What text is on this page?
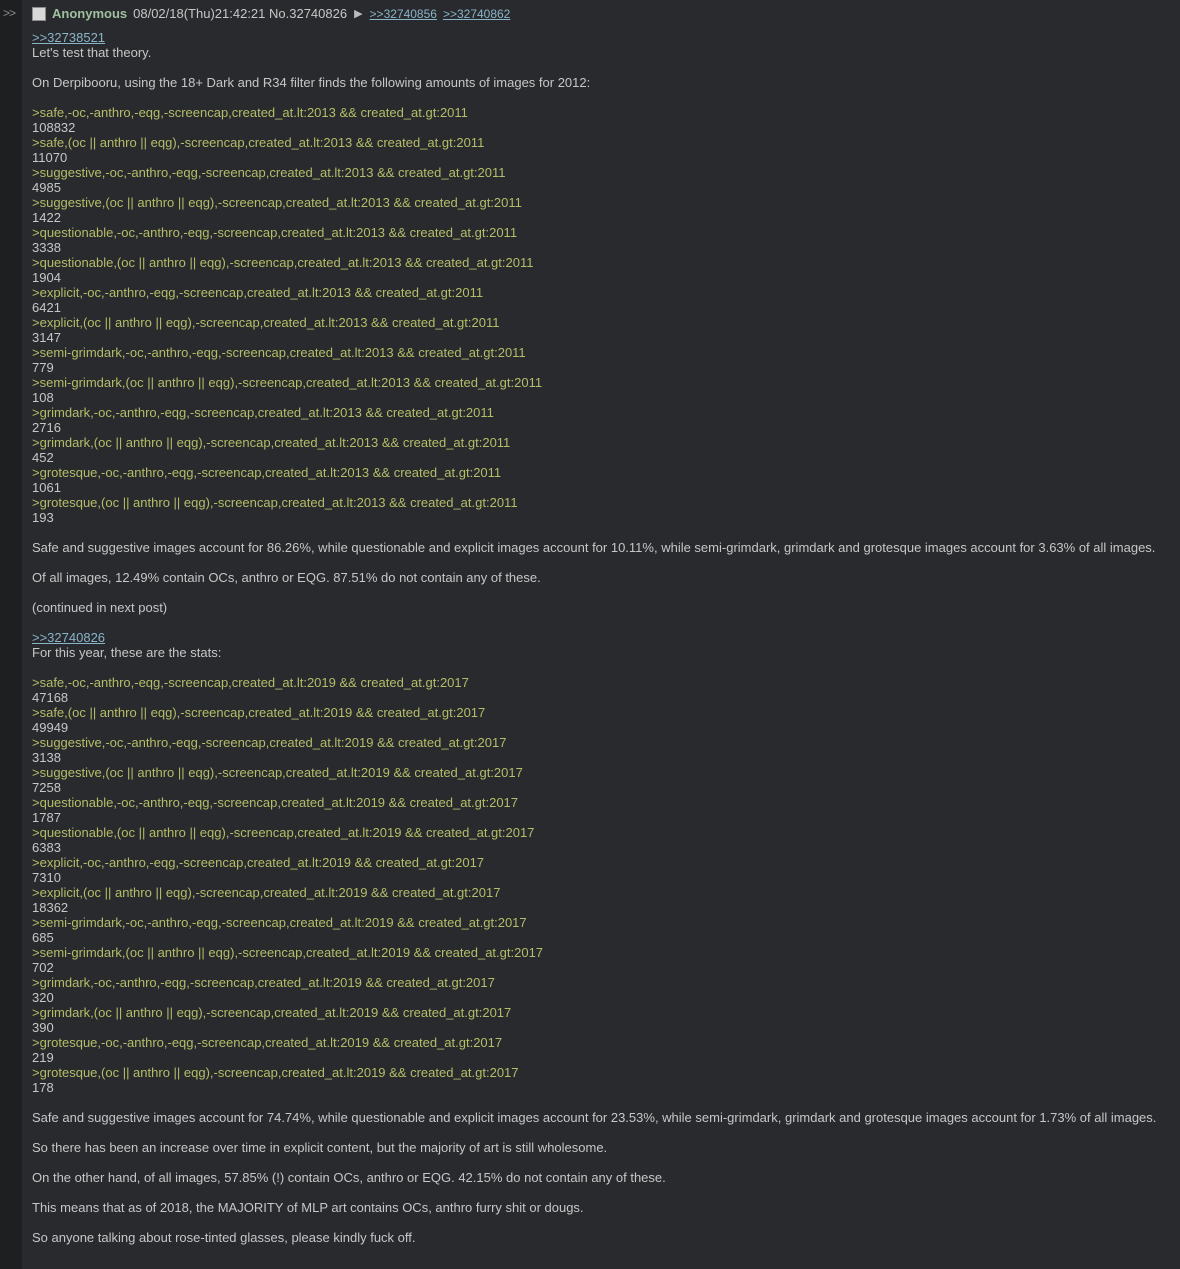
>>	Anonymous 08/02/18(Thu)21:42:21 No.32740826 ▶ >>32740856 >>32740862
>>32738521
Let's test that theory.
On Derpibooru, using the 18+ Dark and R34 filter finds the following amounts of images for 2012:
>safe,-oc,-anthro,-eqg,-screencap,created_at.lt:2013 && created_at.gt:2011
108832
>safe,(oc || anthro || eqg),-screencap,created_at.lt:2013 && created_at.gt:2011
11070
>suggestive,-oc,-anthro,-eqg,-screencap,created_at.lt:2013 && created_at.gt:2011
4985
>suggestive,(oc || anthro || eqg),-screencap,created_at.lt:2013 && created_at.gt:2011
1422
>questionable,-oc,-anthro,-eqg,-screencap,created_at.lt:2013 && created_at.gt:2011
3338
>questionable,(oc || anthro || eqg),-screencap,created_at.lt:2013 && created_at.gt:2011
1904
>explicit,-oc,-anthro,-eqg,-screencap,created_at.lt:2013 && created_at.gt:2011
6421
>explicit,(oc || anthro || eqg),-screencap,created_at.lt:2013 && created_at.gt:2011
3147
>semi-grimdark,-oc,-anthro,-eqg,-screencap,created_at.lt:2013 && created_at.gt:2011
779
>semi-grimdark,(oc || anthro || eqg),-screencap,created_at.lt:2013 && created_at.gt:2011
108
>grimdark,-oc,-anthro,-eqg,-screencap,created_at.lt:2013 && created_at.gt:2011
2716
>grimdark,(oc || anthro || eqg),-screencap,created_at.lt:2013 && created_at.gt:2011
452
>grotesque,-oc,-anthro,-eqg,-screencap,created_at.lt:2013 && created_at.gt:2011
1061
>grotesque,(oc || anthro || eqg),-screencap,created_at.lt:2013 && created_at.gt:2011
193
Safe and suggestive images account for 86.26%, while questionable and explicit images account for 10.11%, while semi-grimdark, grimdark and grotesque images account for 3.63% of all images.
Of all images, 12.49% contain OCs, anthro or EQG. 87.51% do not contain any of these.
(continued in next post)
>>32740826
For this year, these are the stats:
>safe,-oc,-anthro,-eqg,-screencap,created_at.lt:2019 && created_at.gt:2017
47168
>safe,(oc || anthro || eqg),-screencap,created_at.lt:2019 && created_at.gt:2017
49949
>suggestive,-oc,-anthro,-eqg,-screencap,created_at.lt:2019 && created_at.gt:2017
3138
>suggestive,(oc || anthro || eqg),-screencap,created_at.lt:2019 && created_at.gt:2017
7258
>questionable,-oc,-anthro,-eqg,-screencap,created_at.lt:2019 && created_at.gt:2017
1787
>questionable,(oc || anthro || eqg),-screencap,created_at.lt:2019 && created_at.gt:2017
6383
>explicit,-oc,-anthro,-eqg,-screencap,created_at.lt:2019 && created_at.gt:2017
7310
>explicit,(oc || anthro || eqg),-screencap,created_at.lt:2019 && created_at.gt:2017
18362
>semi-grimdark,-oc,-anthro,-eqg,-screencap,created_at.lt:2019 && created_at.gt:2017
685
>semi-grimdark,(oc || anthro || eqg),-screencap,created_at.lt:2019 && created_at.gt:2017
702
>grimdark,-oc,-anthro,-eqg,-screencap,created_at.lt:2019 && created_at.gt:2017
320
>grimdark,(oc || anthro || eqg),-screencap,created_at.lt:2019 && created_at.gt:2017
390
>grotesque,-oc,-anthro,-eqg,-screencap,created_at.lt:2019 && created_at.gt:2017
219
>grotesque,(oc || anthro || eqg),-screencap,created_at.lt:2019 && created_at.gt:2017
178
Safe and suggestive images account for 74.74%, while questionable and explicit images account for 23.53%, while semi-grimdark, grimdark and grotesque images account for 1.73% of all images.
So there has been an increase over time in explicit content, but the majority of art is still wholesome.
On the other hand, of all images, 57.85% (!) contain OCs, anthro or EQG. 42.15% do not contain any of these.
This means that as of 2018, the MAJORITY of MLP art contains OCs, anthro furry shit or dougs.
So anyone talking about rose-tinted glasses, please kindly fuck off.
